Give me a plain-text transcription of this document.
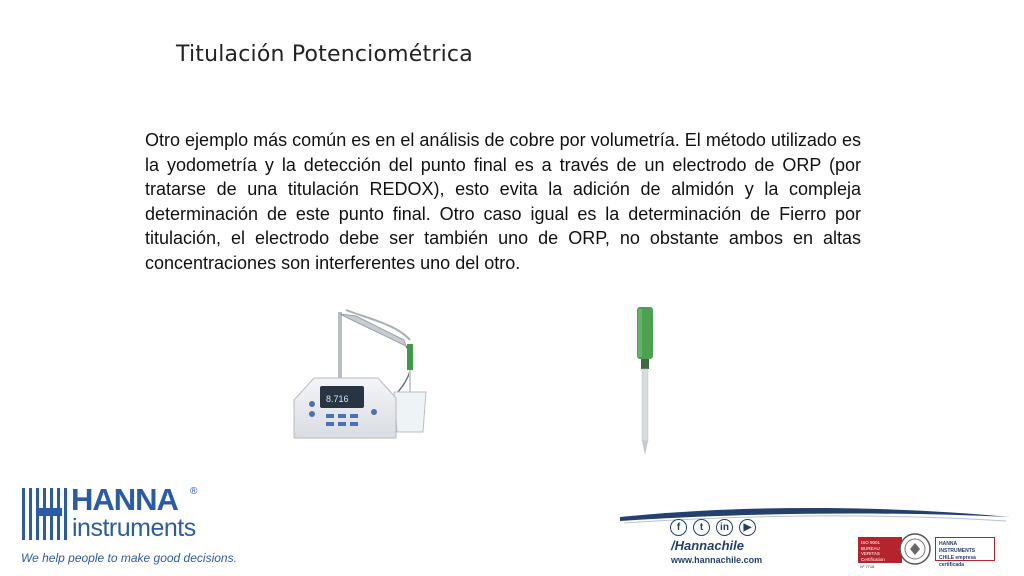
Titulación Potenciométrica
Otro ejemplo más común es en el análisis de cobre por volumetría. El método utilizado es la yodometría y la detección del punto final es a través de un electrodo de ORP (por tratarse de una titulación REDOX), esto evita la adición de almidón y la compleja determinación de este punto final. Otro caso igual es la determinación de Fierro por titulación, el electrodo debe ser también uno de ORP, no obstante ambos en altas concentraciones son interferentes uno del otro.
8.716
HANNA ®
instruments
We help people to make good decisions.
f	t	in	▶
/Hannachile
www.hannachile.com
ISO 9001 BUREAU VERITAS Certification
HANNA INSTRUMENTS CHILE empresa certificada
Nº 7718
